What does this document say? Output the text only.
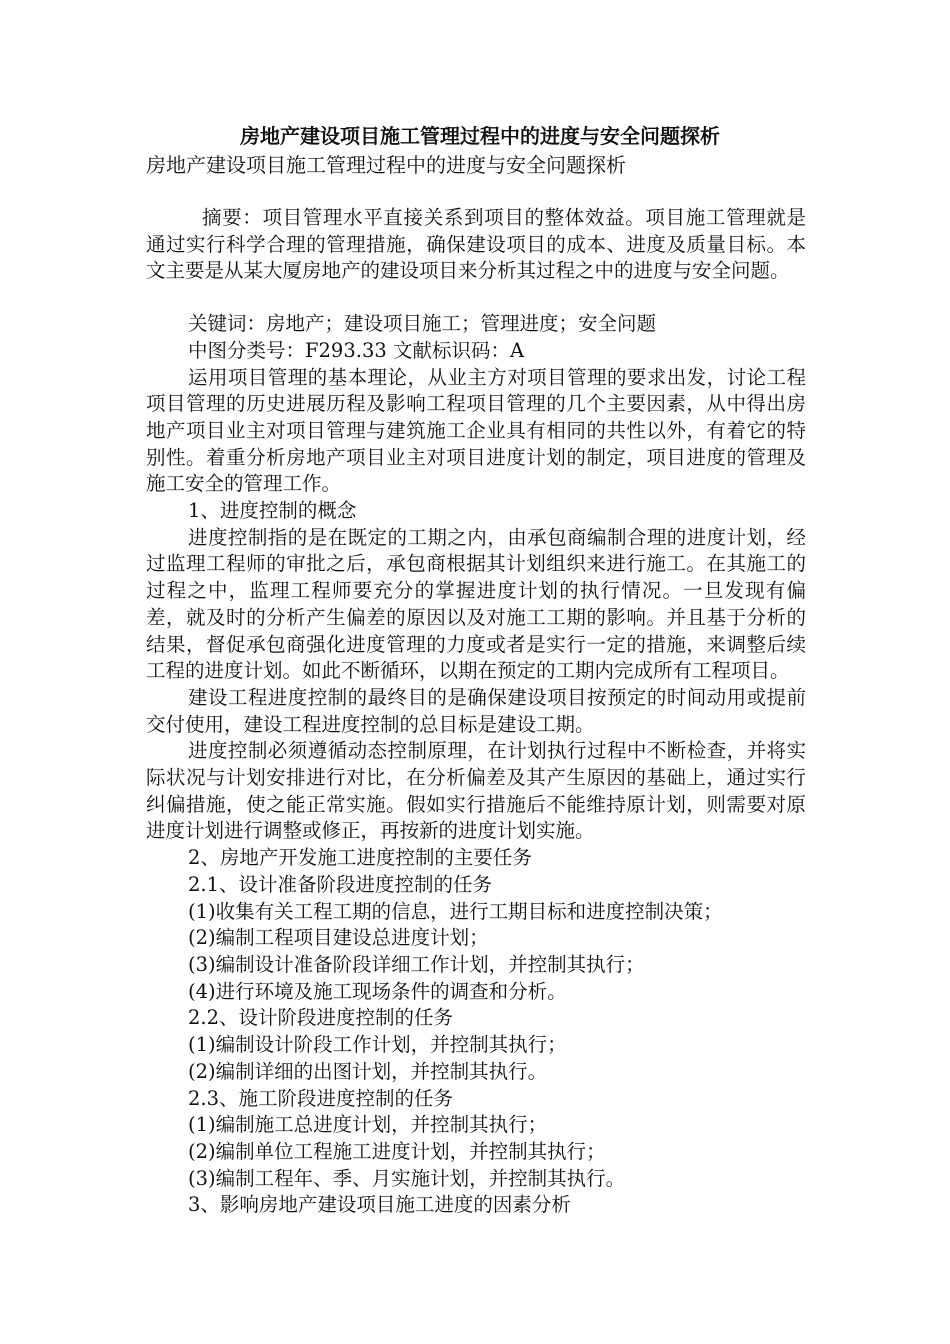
房地产建设项目施工管理过程中的进度与安全问题探析

房地产建设项目施工管理过程中的进度与安全问题探析

摘要：项目管理水平直接关系到项目的整体效益。项目施工管理就是通过实行科学合理的管理措施，确保建设项目的成本、进度及质量目标。本文主要是从某大厦房地产的建设项目来分析其过程之中的进度与安全问题。

关键词：房地产；建设项目施工；管理进度；安全问题

中图分类号：F293.33 文献标识码：A

运用项目管理的基本理论，从业主方对项目管理的要求出发，讨论工程项目管理的历史进展历程及影响工程项目管理的几个主要因素，从中得出房地产项目业主对项目管理与建筑施工企业具有相同的共性以外，有着它的特别性。着重分析房地产项目业主对项目进度计划的制定，项目进度的管理及施工安全的管理工作。

1、进度控制的概念

进度控制指的是在既定的工期之内，由承包商编制合理的进度计划，经过监理工程师的审批之后，承包商根据其计划组织来进行施工。在其施工的过程之中，监理工程师要充分的掌握进度计划的执行情况。一旦发现有偏差，就及时的分析产生偏差的原因以及对施工工期的影响。并且基于分析的结果，督促承包商强化进度管理的力度或者是实行一定的措施，来调整后续工程的进度计划。如此不断循环，以期在预定的工期内完成所有工程项目。

建设工程进度控制的最终目的是确保建设项目按预定的时间动用或提前交付使用，建设工程进度控制的总目标是建设工期。

进度控制必须遵循动态控制原理，在计划执行过程中不断检查，并将实际状况与计划安排进行对比，在分析偏差及其产生原因的基础上，通过实行纠偏措施，使之能正常实施。假如实行措施后不能维持原计划，则需要对原进度计划进行调整或修正，再按新的进度计划实施。

2、房地产开发施工进度控制的主要任务

2.1、设计准备阶段进度控制的任务

(1)收集有关工程工期的信息，进行工期目标和进度控制决策；

(2)编制工程项目建设总进度计划；

(3)编制设计准备阶段详细工作计划，并控制其执行；

(4)进行环境及施工现场条件的调查和分析。

2.2、设计阶段进度控制的任务

(1)编制设计阶段工作计划，并控制其执行；

(2)编制详细的出图计划，并控制其执行。

2.3、施工阶段进度控制的任务

(1)编制施工总进度计划，并控制其执行；

(2)编制单位工程施工进度计划，并控制其执行；

(3)编制工程年、季、月实施计划，并控制其执行。

3、影响房地产建设项目施工进度的因素分析
